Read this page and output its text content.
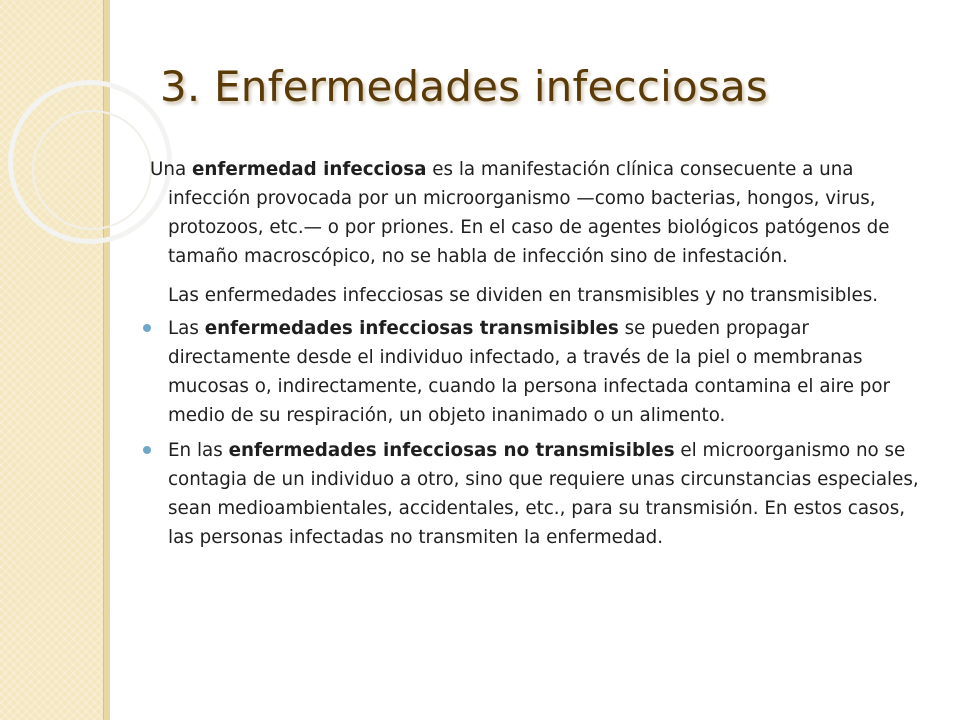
3. Enfermedades infecciosas

Una enfermedad infecciosa es la manifestación clínica consecuente a una infección provocada por un microorganismo —como bacterias, hongos, virus, protozoos, etc.— o por priones. En el caso de agentes biológicos patógenos de tamaño macroscópico, no se habla de infección sino de infestación.

Las enfermedades infecciosas se dividen en transmisibles y no transmisibles.

Las enfermedades infecciosas transmisibles se pueden propagar directamente desde el individuo infectado, a través de la piel o membranas mucosas o, indirectamente, cuando la persona infectada contamina el aire por medio de su respiración, un objeto inanimado o un alimento.
En las enfermedades infecciosas no transmisibles el microorganismo no se contagia de un individuo a otro, sino que requiere unas circunstancias especiales, sean medioambientales, accidentales, etc., para su transmisión. En estos casos, las personas infectadas no transmiten la enfermedad.
